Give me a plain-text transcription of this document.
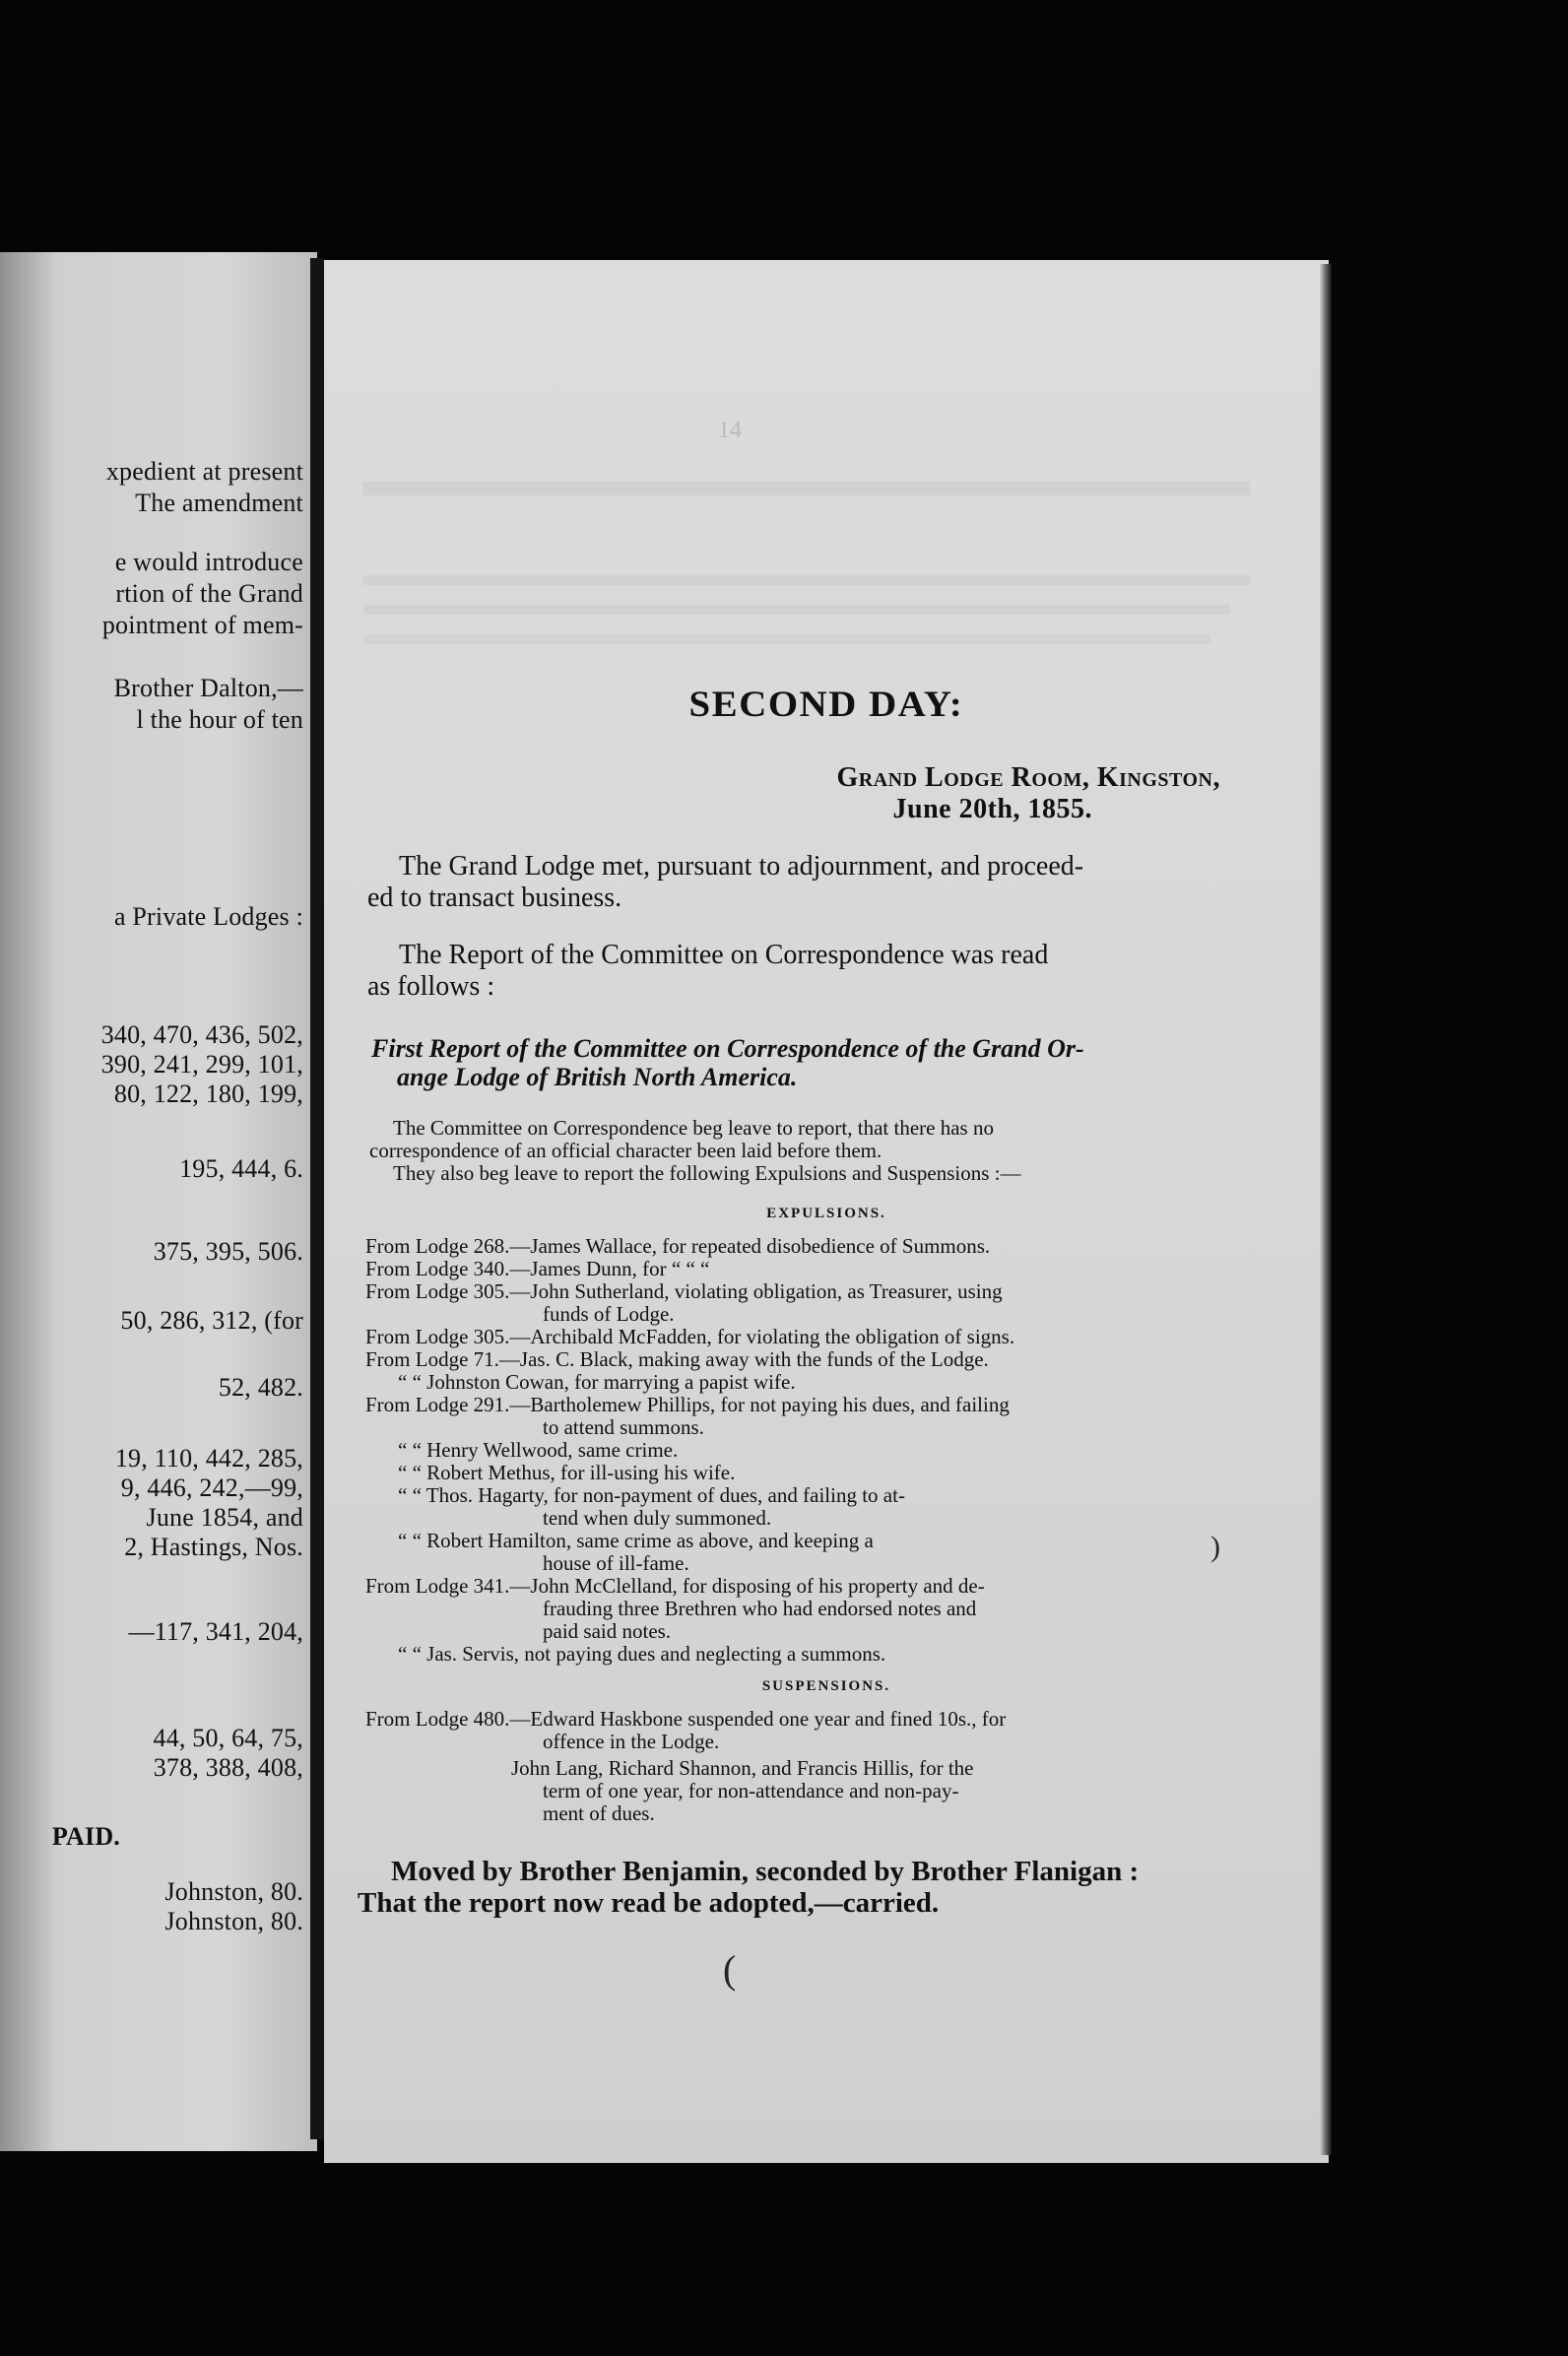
xpedient at present
The amendment
e would introduce
rtion of the Grand
pointment of mem-
Brother Dalton,—
l the hour of ten
a Private Lodges :
340, 470, 436, 502,
390, 241, 299, 101,
80, 122, 180, 199,
195, 444, 6.
375, 395, 506.
50, 286, 312, (for
52, 482.
19, 110, 442, 285,
9, 446, 242,—99,
June 1854, and
2, Hastings, Nos.
—117, 341, 204,
44, 50, 64, 75,
378, 388, 408,
PAID.
Johnston, 80.
Johnston, 80.
14
SECOND DAY:
Grand Lodge Room, Kingston,
June 20th, 1855.
The Grand Lodge met, pursuant to adjournment, and proceed-
ed to transact business.
The Report of the Committee on Correspondence was read
as follows :
First Report of the Committee on Correspondence of the Grand Or-
ange Lodge of British North America.
The Committee on Correspondence beg leave to report, that there has no
correspondence of an official character been laid before them.
They also beg leave to report the following Expulsions and Suspensions :—
EXPULSIONS.
From Lodge 268.—James Wallace, for repeated disobedience of Summons.
From Lodge 340.—James Dunn, for “ “ “
From Lodge 305.—John Sutherland, violating obligation, as Treasurer, using
funds of Lodge.
From Lodge 305.—Archibald McFadden, for violating the obligation of signs.
From Lodge 71.—Jas. C. Black, making away with the funds of the Lodge.
“ “ Johnston Cowan, for marrying a papist wife.
From Lodge 291.—Bartholemew Phillips, for not paying his dues, and failing
to attend summons.
“ “ Henry Wellwood, same crime.
“ “ Robert Methus, for ill-using his wife.
“ “ Thos. Hagarty, for non-payment of dues, and failing to at-
tend when duly summoned.
“ “ Robert Hamilton, same crime as above, and keeping a
house of ill-fame.
From Lodge 341.—John McClelland, for disposing of his property and de-
frauding three Brethren who had endorsed notes and
paid said notes.
“ “ Jas. Servis, not paying dues and neglecting a summons.
SUSPENSIONS.
From Lodge 480.—Edward Haskbone suspended one year and fined 10s., for
offence in the Lodge.
John Lang, Richard Shannon, and Francis Hillis, for the
term of one year, for non-attendance and non-pay-
ment of dues.
Moved by Brother Benjamin, seconded by Brother Flanigan :
That the report now read be adopted,—carried.
)
(
